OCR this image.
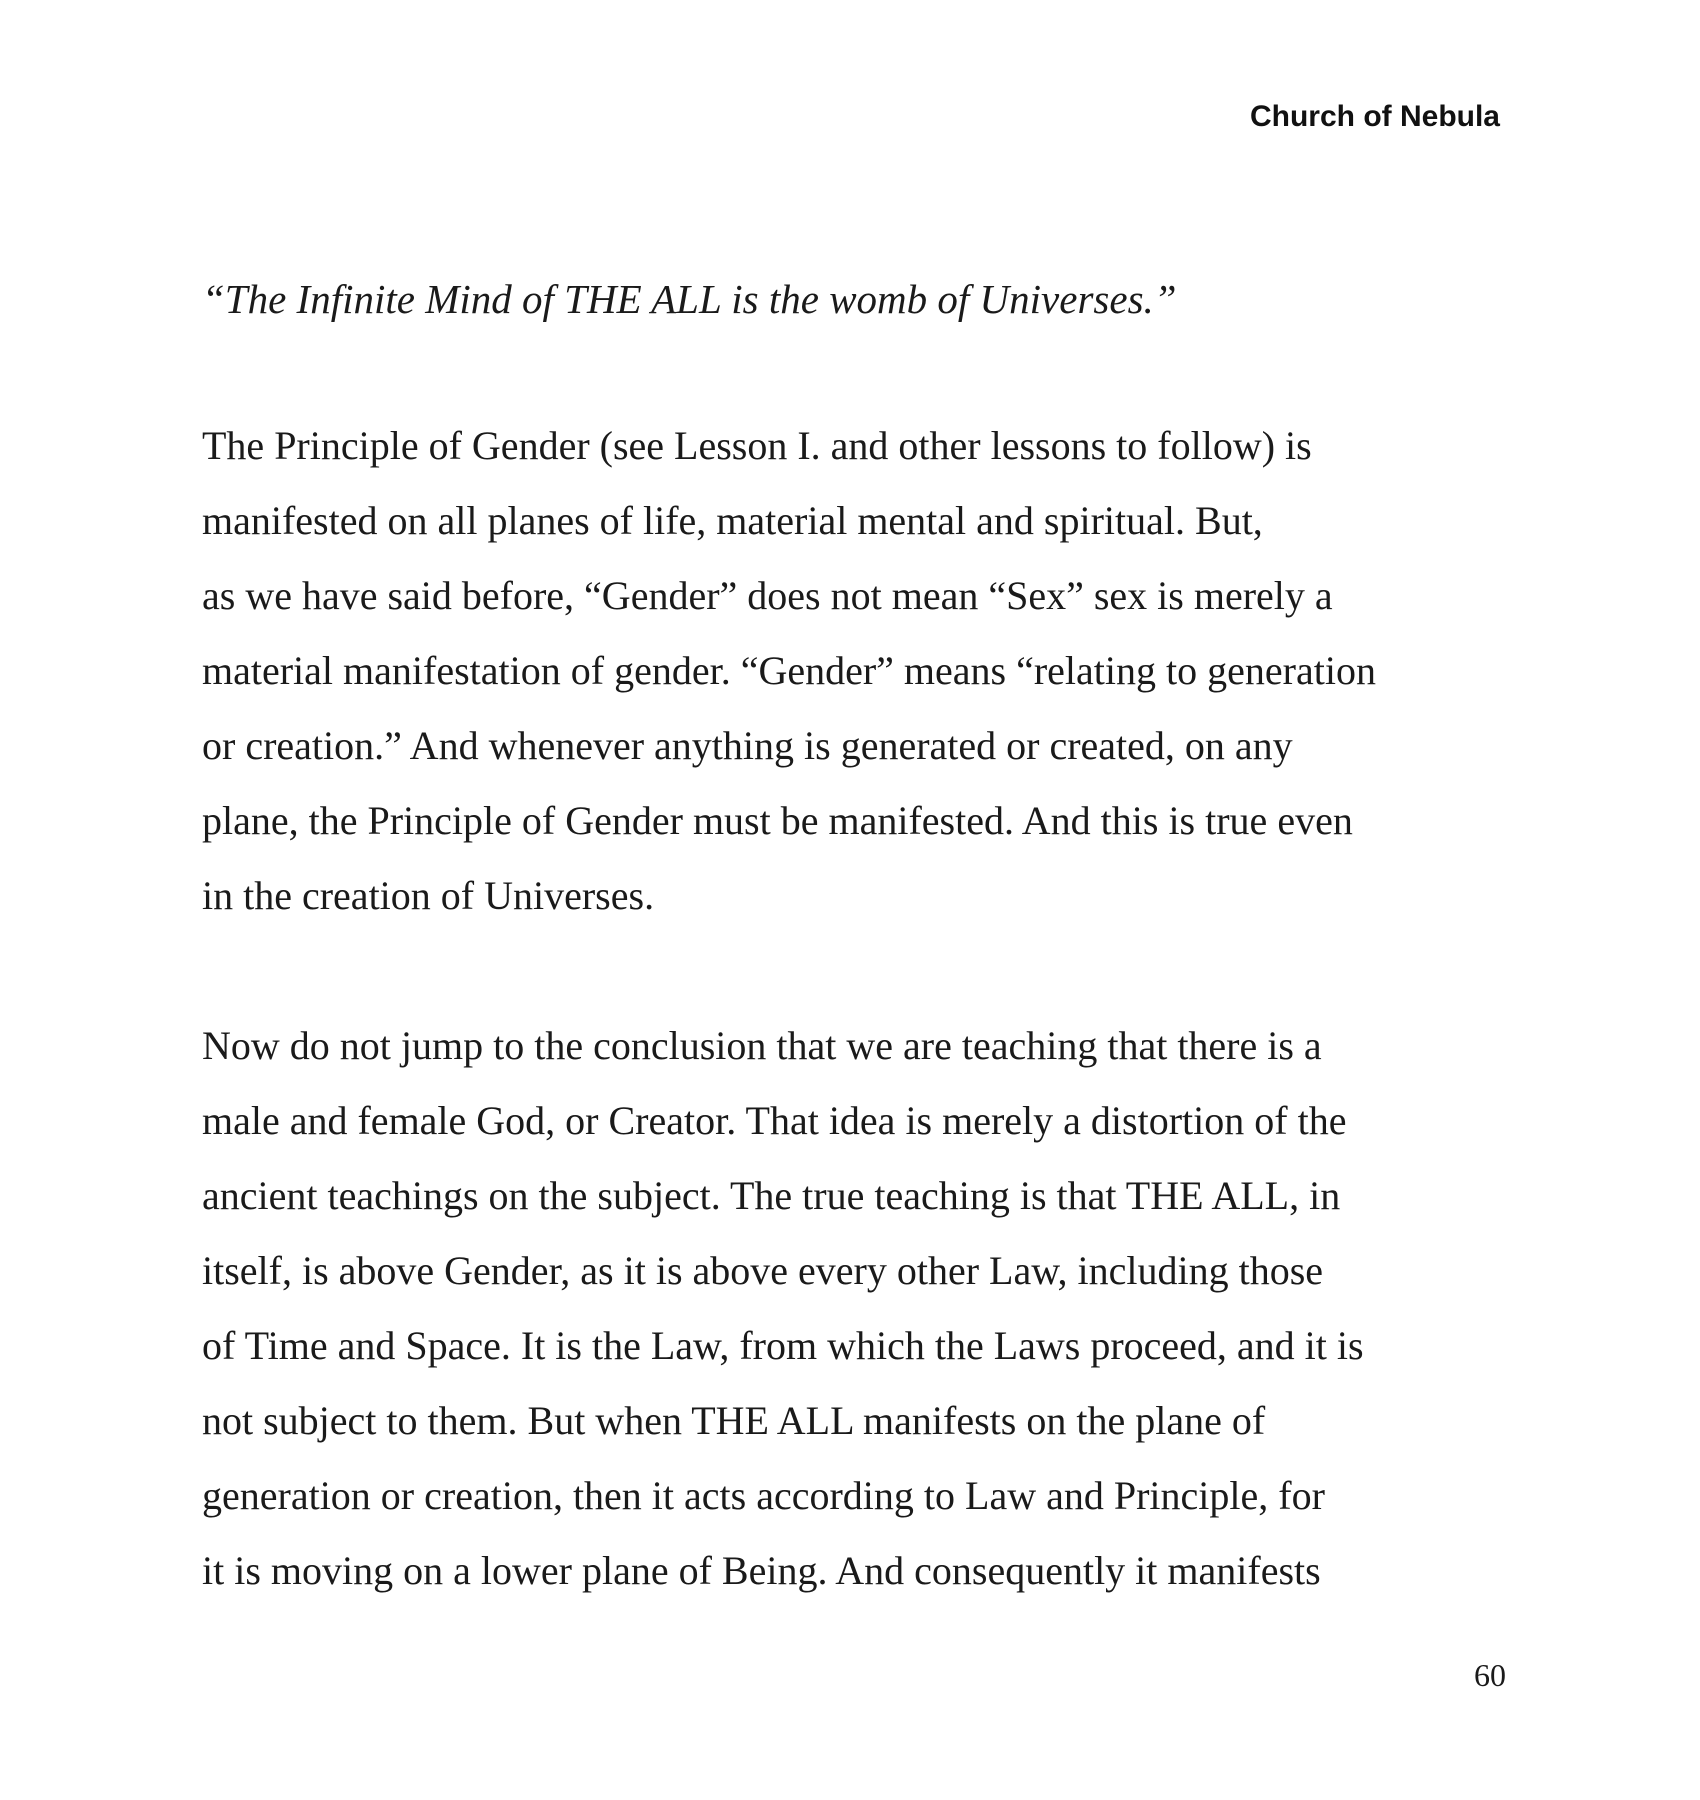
Church of Nebula
“The Infinite Mind of THE ALL is the womb of Universes.”
The Principle of Gender (see Lesson I. and other lessons to follow) is
manifested on all planes of life, material mental and spiritual. But,
as we have said before, “Gender” does not mean “Sex” sex is merely a
material manifestation of gender. “Gender” means “relating to generation
or creation.” And whenever anything is generated or created, on any
plane, the Principle of Gender must be manifested. And this is true even
in the creation of Universes.
Now do not jump to the conclusion that we are teaching that there is a
male and female God, or Creator. That idea is merely a distortion of the
ancient teachings on the subject. The true teaching is that THE ALL, in
itself, is above Gender, as it is above every other Law, including those
of Time and Space. It is the Law, from which the Laws proceed, and it is
not subject to them. But when THE ALL manifests on the plane of
generation or creation, then it acts according to Law and Principle, for
it is moving on a lower plane of Being. And consequently it manifests
60
